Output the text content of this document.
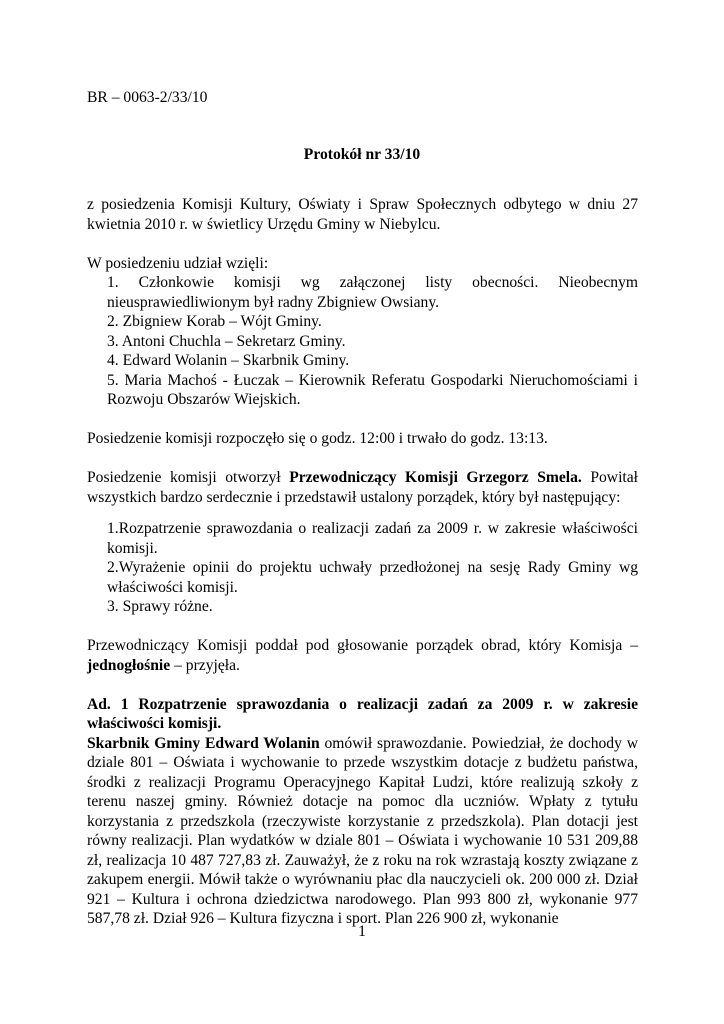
BR – 0063-2/33/10
Protokół nr 33/10

z posiedzenia Komisji Kultury, Oświaty i Spraw Społecznych odbytego w dniu 27 kwietnia 2010 r. w świetlicy Urzędu Gminy w Niebylcu.

W posiedzeniu udział wzięli:

1. Członkowie komisji wg załączonej listy obecności. Nieobecnym nieusprawiedliwionym był radny Zbigniew Owsiany.

2. Zbigniew Korab – Wójt Gminy.

3. Antoni Chuchla – Sekretarz Gminy.

4. Edward Wolanin – Skarbnik Gminy.

5. Maria Machoś - Łuczak – Kierownik Referatu Gospodarki Nieruchomościami i Rozwoju Obszarów Wiejskich.

Posiedzenie komisji rozpoczęło się o godz. 12:00 i trwało do godz. 13:13.

Posiedzenie komisji otworzył Przewodniczący Komisji Grzegorz Smela. Powitał wszystkich bardzo serdecznie i przedstawił ustalony porządek, który był następujący:

1.Rozpatrzenie sprawozdania o realizacji zadań za 2009 r. w zakresie właściwości komisji.

2.Wyrażenie opinii do projektu uchwały przedłożonej na sesję Rady Gminy wg właściwości komisji.

3. Sprawy różne.

Przewodniczący Komisji poddał pod głosowanie porządek obrad, który Komisja – jednogłośnie – przyjęła.

Ad. 1 Rozpatrzenie sprawozdania o realizacji zadań za 2009 r. w zakresie właściwości komisji.

Skarbnik Gminy Edward Wolanin omówił sprawozdanie. Powiedział, że dochody w dziale 801 – Oświata i wychowanie to przede wszystkim dotacje z budżetu państwa, środki z realizacji Programu Operacyjnego Kapitał Ludzi, które realizują szkoły z terenu naszej gminy. Również dotacje na pomoc dla uczniów. Wpłaty z tytułu korzystania z przedszkola (rzeczywiste korzystanie z przedszkola). Plan dotacji jest równy realizacji. Plan wydatków w dziale 801 – Oświata i wychowanie 10 531 209,88 zł, realizacja 10 487 727,83 zł. Zauważył, że z roku na rok wzrastają koszty związane z zakupem energii. Mówił także o wyrównaniu płac dla nauczycieli ok. 200 000 zł. Dział 921 – Kultura i ochrona dziedzictwa narodowego. Plan 993 800 zł, wykonanie 977 587,78 zł. Dział 926 – Kultura fizyczna i sport. Plan 226 900 zł, wykonanie

1
